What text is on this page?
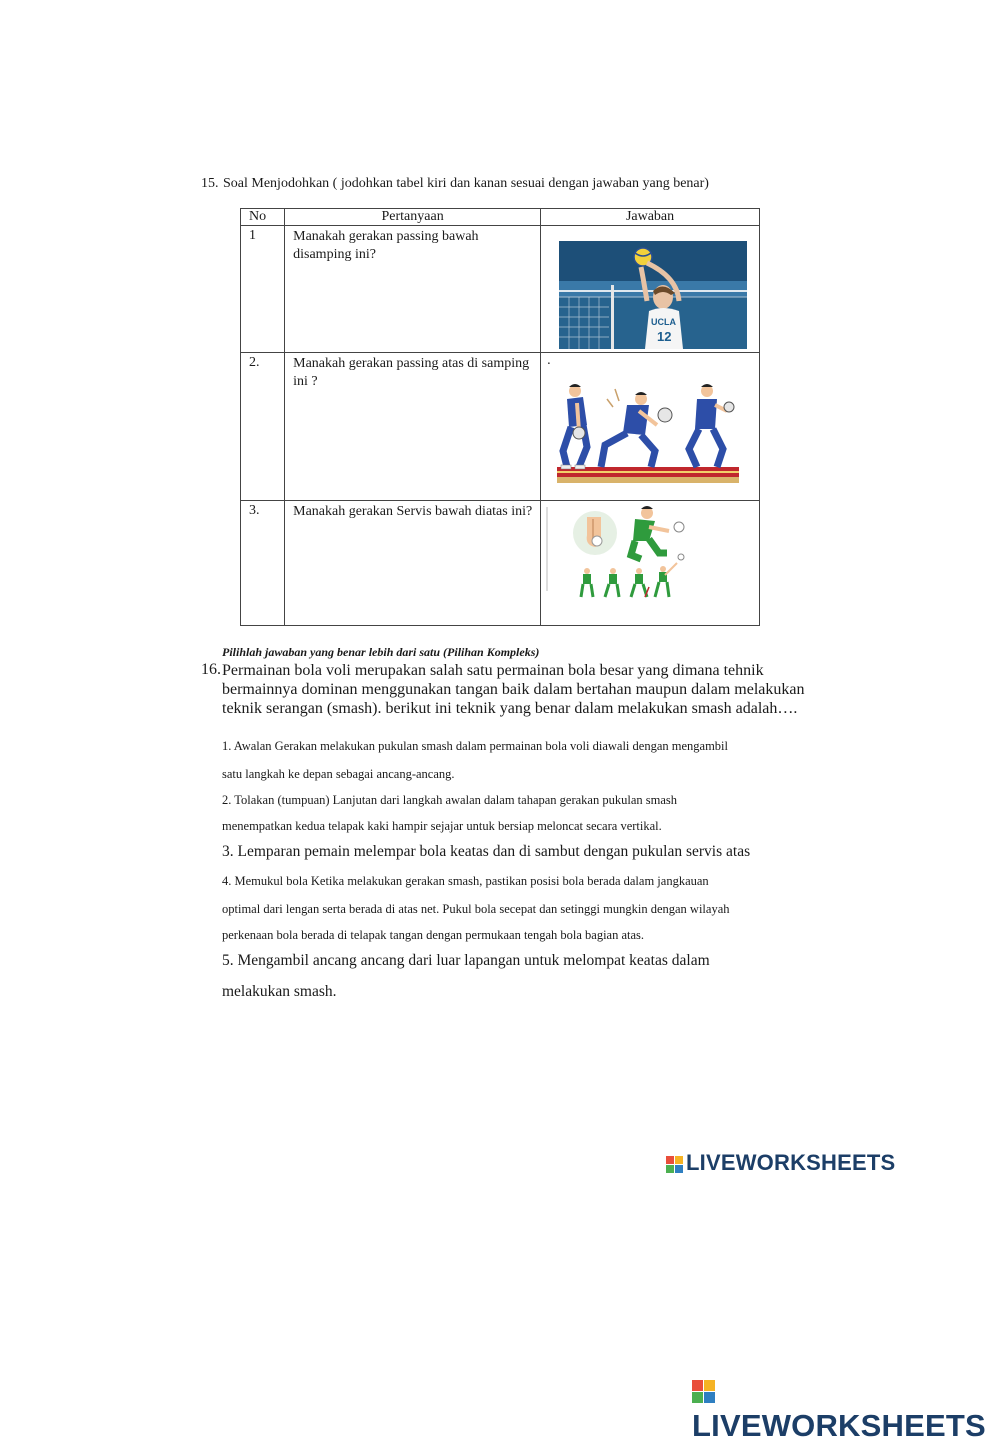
15. Soal Menjodohkan ( jodohkan tabel kiri dan kanan sesuai dengan jawaban yang benar)
No	Pertanyaan	Jawaban
1	Manakah gerakan passing bawah disamping ini?	UCLA
12

2.	Manakah gerakan passing atas di samping ini ?	.

3.	Manakah gerakan Servis bawah diatas ini?	
Pilihlah jawaban yang benar lebih dari satu (Pilihan Kompleks)
16. Permainan bola voli merupakan salah satu permainan bola besar yang dimana tehnik bermainnya dominan menggunakan tangan baik dalam bertahan maupun dalam melakukan teknik serangan (smash). berikut ini teknik yang benar dalam melakukan smash adalah….
1. Awalan Gerakan melakukan pukulan smash dalam permainan bola voli diawali dengan mengambil
satu langkah ke depan sebagai ancang-ancang.
2. Tolakan (tumpuan) Lanjutan dari langkah awalan dalam tahapan gerakan pukulan smash
menempatkan kedua telapak kaki hampir sejajar untuk bersiap meloncat secara vertikal.
3. Lemparan pemain melempar bola keatas dan di sambut dengan pukulan servis atas
4. Memukul bola Ketika melakukan gerakan smash, pastikan posisi bola berada dalam jangkauan
optimal dari lengan serta berada di atas net. Pukul bola secepat dan setinggi mungkin dengan wilayah
perkenaan bola berada di telapak tangan dengan permukaan tengah bola bagian atas.
5. Mengambil ancang ancang dari luar lapangan untuk melompat keatas dalam
melakukan smash.
LIVEWORKSHEETS
LIVEWORKSHEETS
